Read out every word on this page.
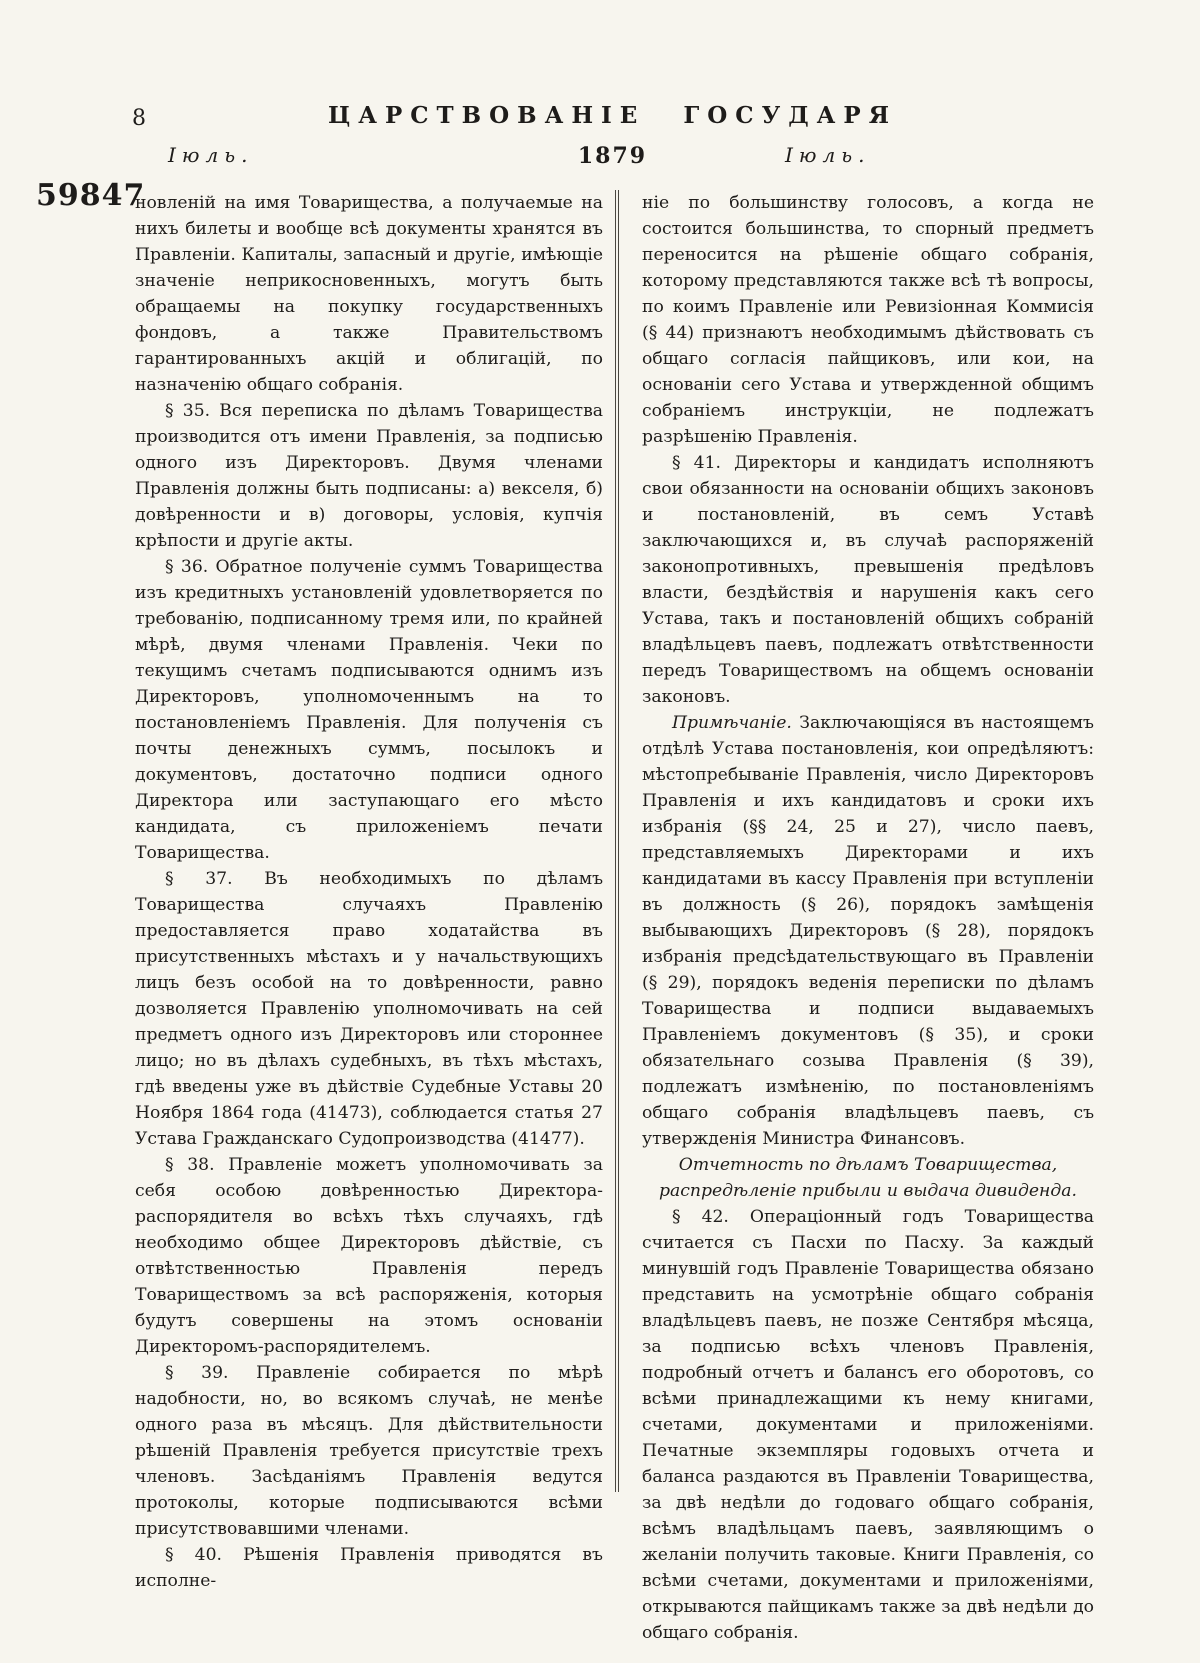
8	ЦАРСТВОВАНІЕ ГОСУДАРЯ
Іюль.	1879	Іюль.
59847

новленій на имя Товарищества, а получаемые на нихъ билеты и вообще всѣ документы хранятся въ Правленіи. Капиталы, запасный и другіе, имѣющіе значеніе неприкосновенныхъ, могутъ быть обращаемы на покупку государственныхъ фондовъ, а также Правительствомъ гарантированныхъ акцій и облигацій, по назначенію общаго собранія.

§ 35. Вся переписка по дѣламъ Товарищества производится отъ имени Правленія, за подписью одного изъ Директоровъ. Двумя членами Правленія должны быть подписаны: а) векселя, б) довѣренности и в) договоры, условія, купчія крѣпости и другіе акты.

§ 36. Обратное полученіе суммъ Товарищества изъ кредитныхъ установленій удовлетворяется по требованію, подписанному тремя или, по крайней мѣрѣ, двумя членами Правленія. Чеки по текущимъ счетамъ подписываются однимъ изъ Директоровъ, уполномоченнымъ на то постановленіемъ Правленія. Для полученія съ почты денежныхъ суммъ, посылокъ и документовъ, достаточно подписи одного Директора или заступающаго его мѣсто кандидата, съ приложеніемъ печати Товарищества.

§ 37. Въ необходимыхъ по дѣламъ Товарищества случаяхъ Правленію предоставляется право ходатайства въ присутственныхъ мѣстахъ и у начальствующихъ лицъ безъ особой на то довѣренности, равно дозволяется Правленію уполномочивать на сей предметъ одного изъ Директоровъ или стороннее лицо; но въ дѣлахъ судебныхъ, въ тѣхъ мѣстахъ, гдѣ введены уже въ дѣйствіе Судебные Уставы 20 Ноября 1864 года (41473), соблюдается статья 27 Устава Гражданскаго Судопроизводства (41477).

§ 38. Правленіе можетъ уполномочивать за себя особою довѣренностью Директора-распорядителя во всѣхъ тѣхъ случаяхъ, гдѣ необходимо общее Директоровъ дѣйствіе, съ отвѣтственностью Правленія передъ Товариществомъ за всѣ распоряженія, которыя будутъ совершены на этомъ основаніи Директоромъ-распорядителемъ.

§ 39. Правленіе собирается по мѣрѣ надобности, но, во всякомъ случаѣ, не менѣе одного раза въ мѣсяцъ. Для дѣйствительности рѣшеній Правленія требуется присутствіе трехъ членовъ. Засѣданіямъ Правленія ведутся протоколы, которые подписываются всѣми присутствовавшими членами.

§ 40. Рѣшенія Правленія приводятся въ исполне-

ніе по большинству голосовъ, а когда не состоится большинства, то спорный предметъ переносится на рѣшеніе общаго собранія, которому представляются также всѣ тѣ вопросы, по коимъ Правленіе или Ревизіонная Коммисія (§ 44) признаютъ необходимымъ дѣйствовать съ общаго согласія пайщиковъ, или кои, на основаніи сего Устава и утвержденной общимъ собраніемъ инструкціи, не подлежатъ разрѣшенію Правленія.

§ 41. Директоры и кандидатъ исполняютъ свои обязанности на основаніи общихъ законовъ и постановленій, въ семъ Уставѣ заключающихся и, въ случаѣ распоряженій законопротивныхъ, превышенія предѣловъ власти, бездѣйствія и нарушенія какъ сего Устава, такъ и постановленій общихъ собраній владѣльцевъ паевъ, подлежатъ отвѣтственности передъ Товариществомъ на общемъ основаніи законовъ.

Примѣчаніе. Заключающіяся въ настоящемъ отдѣлѣ Устава постановленія, кои опредѣляютъ: мѣстопребываніе Правленія, число Директоровъ Правленія и ихъ кандидатовъ и сроки ихъ избранія (§§ 24, 25 и 27), число паевъ, представляемыхъ Директорами и ихъ кандидатами въ кассу Правленія при вступленіи въ должность (§ 26), порядокъ замѣщенія выбывающихъ Директоровъ (§ 28), порядокъ избранія предсѣдательствующаго въ Правленіи (§ 29), порядокъ веденія переписки по дѣламъ Товарищества и подписи выдаваемыхъ Правленіемъ документовъ (§ 35), и сроки обязательнаго созыва Правленія (§ 39), подлежатъ измѣненію, по постановленіямъ общаго собранія владѣльцевъ паевъ, съ утвержденія Министра Финансовъ.

Отчетность по дѣламъ Товарищества, распредѣленіе прибыли и выдача дивиденда.

§ 42. Операціонный годъ Товарищества считается съ Пасхи по Пасху. За каждый минувшій годъ Правленіе Товарищества обязано представить на усмотрѣніе общаго собранія владѣльцевъ паевъ, не позже Сентября мѣсяца, за подписью всѣхъ членовъ Правленія, подробный отчетъ и балансъ его оборотовъ, со всѣми принадлежащими къ нему книгами, счетами, документами и приложеніями. Печатные экземпляры годовыхъ отчета и баланса раздаются въ Правленіи Товарищества, за двѣ недѣли до годоваго общаго собранія, всѣмъ владѣльцамъ паевъ, заявляющимъ о желаніи получить таковые. Книги Правленія, со всѣми счетами, документами и приложеніями, открываются пайщикамъ также за двѣ недѣли до общаго собранія.
